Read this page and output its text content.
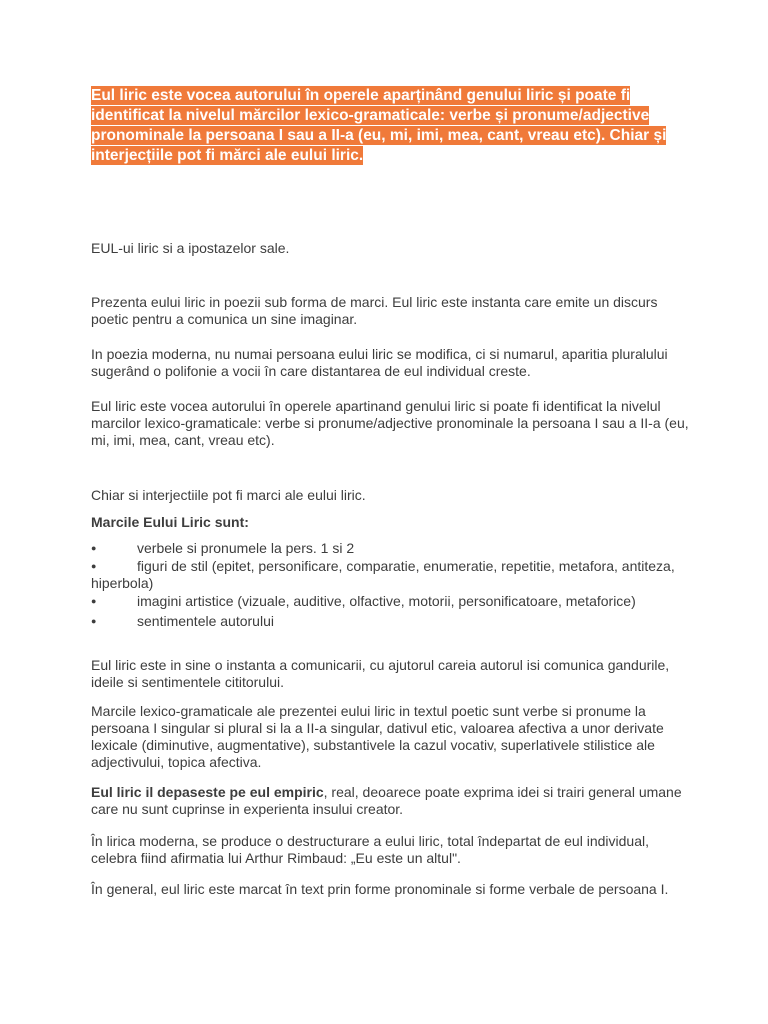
Eul liric este vocea autorului în operele aparținând genului liric și poate fi identificat la nivelul mărcilor lexico-gramaticale: verbe și pronume/adjective pronominale la persoana I sau a II-a (eu, mi, imi, mea, cant, vreau etc). Chiar și interjecțiile pot fi mărci ale eului liric.
EUL-ui liric si a ipostazelor sale.
Prezenta eului liric in poezii sub forma de marci. Eul liric este instanta care emite un discurs poetic pentru a comunica un sine imaginar.
In poezia moderna, nu numai persoana eului liric se modifica, ci si numarul, aparitia pluralului sugerând o polifonie a vocii în care distantarea de eul individual creste.
Eul liric este vocea autorului în operele apartinand genului liric si poate fi identificat la nivelul marcilor lexico-gramaticale: verbe si pronume/adjective pronominale la persoana I sau a II-a (eu, mi, imi, mea, cant, vreau etc).
Chiar si interjectiile pot fi marci ale eului liric.
Marcile Eului Liric sunt:
●	verbele si pronumele la pers. 1 si 2
●	figuri de stil (epitet, personificare, comparatie, enumeratie, repetitie, metafora, antiteza, hiperbola)
●	imagini artistice (vizuale, auditive, olfactive, motorii, personificatoare, metaforice)
●	sentimentele autorului
Eul liric este in sine o instanta a comunicarii, cu ajutorul careia autorul isi comunica gandurile, ideile si sentimentele cititorului.
Marcile lexico-gramaticale ale prezentei eului liric in textul poetic sunt verbe si pronume la persoana I singular si plural si la a II-a singular, dativul etic, valoarea afectiva a unor derivate lexicale (diminutive, augmentative), substantivele la cazul vocativ, superlativele stilistice ale adjectivului, topica afectiva.
Eul liric il depaseste pe eul empiric, real, deoarece poate exprima idei si trairi general umane care nu sunt cuprinse in experienta insului creator.
În lirica moderna, se produce o destructurare a eului liric, total îndepartat de eul individual, celebra fiind afirmatia lui Arthur Rimbaud: „Eu este un altul".
În general, eul liric este marcat în text prin forme pronominale si forme verbale de persoana I.
